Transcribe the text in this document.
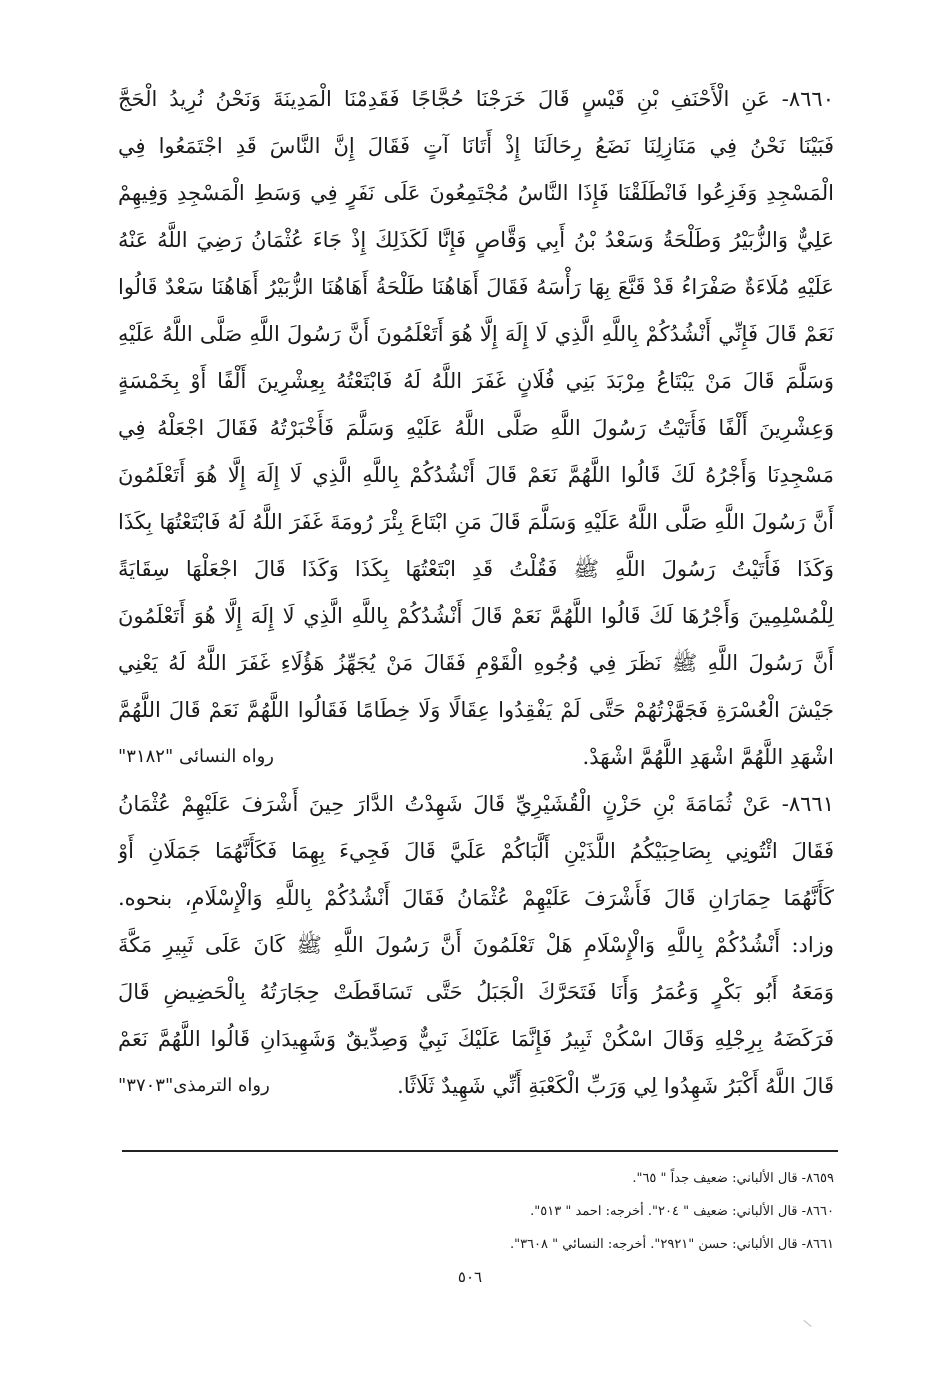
٨٦٦٠- عَنِ الْأَحْنَفِ بْنِ قَيْسٍ قَالَ خَرَجْنَا حُجَّاجًا فَقَدِمْنَا الْمَدِينَةَ وَنَحْنُ نُرِيدُ الْحَجَّ
فَبَيْنَا نَحْنُ فِي مَنَازِلِنَا نَضَعُ رِحَالَنَا إِذْ أَتَانَا آتٍ فَقَالَ إِنَّ النَّاسَ قَدِ اجْتَمَعُوا فِي
الْمَسْجِدِ وَفَزِعُوا فَانْطَلَقْنَا فَإِذَا النَّاسُ مُجْتَمِعُونَ عَلَى نَفَرٍ فِي وَسَطِ الْمَسْجِدِ وَفِيهِمْ
عَلِيٌّ وَالزُّبَيْرُ وَطَلْحَةُ وَسَعْدُ بْنُ أَبِي وَقَّاصٍ فَإِنَّا لَكَذَلِكَ إِذْ جَاءَ عُثْمَانُ رَضِيَ اللَّهُ عَنْهُ
عَلَيْهِ مُلَاءَةٌ صَفْرَاءُ قَدْ قَنَّعَ بِهَا رَأْسَهُ فَقَالَ أَهَاهُنَا طَلْحَةُ أَهَاهُنَا الزُّبَيْرُ أَهَاهُنَا سَعْدٌ قَالُوا
نَعَمْ قَالَ فَإِنِّي أَنْشُدُكُمْ بِاللَّهِ الَّذِي لَا إِلَهَ إِلَّا هُوَ أَتَعْلَمُونَ أَنَّ رَسُولَ اللَّهِ صَلَّى اللَّهُ عَلَيْهِ
وَسَلَّمَ قَالَ مَنْ يَبْتَاعُ مِرْبَدَ بَنِي فُلَانٍ غَفَرَ اللَّهُ لَهُ فَابْتَعْتُهُ بِعِشْرِينَ أَلْفًا أَوْ بِخَمْسَةٍ
وَعِشْرِينَ أَلْفًا فَأَتَيْتُ رَسُولَ اللَّهِ صَلَّى اللَّهُ عَلَيْهِ وَسَلَّمَ فَأَخْبَرْتُهُ فَقَالَ اجْعَلْهُ فِي
مَسْجِدِنَا وَأَجْرُهُ لَكَ قَالُوا اللَّهُمَّ نَعَمْ قَالَ أَنْشُدُكُمْ بِاللَّهِ الَّذِي لَا إِلَهَ إِلَّا هُوَ أَتَعْلَمُونَ
أَنَّ رَسُولَ اللَّهِ صَلَّى اللَّهُ عَلَيْهِ وَسَلَّمَ قَالَ مَنِ ابْتَاعَ بِئْرَ رُومَةَ غَفَرَ اللَّهُ لَهُ فَابْتَعْتُهَا بِكَذَا
وَكَذَا فَأَتَيْتُ رَسُولَ اللَّهِ ﷺ فَقُلْتُ قَدِ ابْتَعْتُهَا بِكَذَا وَكَذَا قَالَ اجْعَلْهَا سِقَايَةً
لِلْمُسْلِمِينَ وَأَجْرُهَا لَكَ قَالُوا اللَّهُمَّ نَعَمْ قَالَ أَنْشُدُكُمْ بِاللَّهِ الَّذِي لَا إِلَهَ إِلَّا هُوَ أَتَعْلَمُونَ
أَنَّ رَسُولَ اللَّهِ ﷺ نَظَرَ فِي وُجُوهِ الْقَوْمِ فَقَالَ مَنْ يُجَهِّزُ هَؤُلَاءِ غَفَرَ اللَّهُ لَهُ يَعْنِي
جَيْشَ الْعُسْرَةِ فَجَهَّزْتُهُمْ حَتَّى لَمْ يَفْقِدُوا عِقَالًا وَلَا خِطَامًا فَقَالُوا اللَّهُمَّ نَعَمْ قَالَ اللَّهُمَّ
اشْهَدِ اللَّهُمَّ اشْهَدِ اللَّهُمَّ اشْهَدْ.
رواه النسائى "٣١٨٢"
٨٦٦١- عَنْ ثُمَامَةَ بْنِ حَزْنٍ الْقُشَيْرِيِّ قَالَ شَهِدْتُ الدَّارَ حِينَ أَشْرَفَ عَلَيْهِمْ عُثْمَانُ
فَقَالَ ائْتُونِي بِصَاحِبَيْكُمُ اللَّذَيْنِ أَلَّبَاكُمْ عَلَيَّ قَالَ فَجِيءَ بِهِمَا فَكَأَنَّهُمَا جَمَلَانِ أَوْ
كَأَنَّهُمَا حِمَارَانِ قَالَ فَأَشْرَفَ عَلَيْهِمْ عُثْمَانُ فَقَالَ أَنْشُدُكُمْ بِاللَّهِ وَالْإِسْلَامِ، بنحوه.
وزاد: أَنْشُدُكُمْ بِاللَّهِ وَالْإِسْلَامِ هَلْ تَعْلَمُونَ أَنَّ رَسُولَ اللَّهِ ﷺ كَانَ عَلَى ثَبِيرِ مَكَّةَ
وَمَعَهُ أَبُو بَكْرٍ وَعُمَرُ وَأَنَا فَتَحَرَّكَ الْجَبَلُ حَتَّى تَسَاقَطَتْ حِجَارَتُهُ بِالْحَضِيضِ قَالَ
فَرَكَضَهُ بِرِجْلِهِ وَقَالَ اسْكُنْ ثَبِيرُ فَإِنَّمَا عَلَيْكَ نَبِيٌّ وَصِدِّيقٌ وَشَهِيدَانِ قَالُوا اللَّهُمَّ نَعَمْ
قَالَ اللَّهُ أَكْبَرُ شَهِدُوا لِي وَرَبِّ الْكَعْبَةِ أَنِّي شَهِيدٌ ثَلَاثًا.
رواه الترمذى"٣٧٠٣"
٨٦٥٩- قال الألباني: ضعيف جداً " ٦٥".
٨٦٦٠- قال الألباني: ضعيف " ٢٠٤". أخرجه: احمد " ٥١٣".
٨٦٦١- قال الألباني: حسن "٢٩٢١". أخرجه: النسائي " ٣٦٠٨".
٥٠٦
